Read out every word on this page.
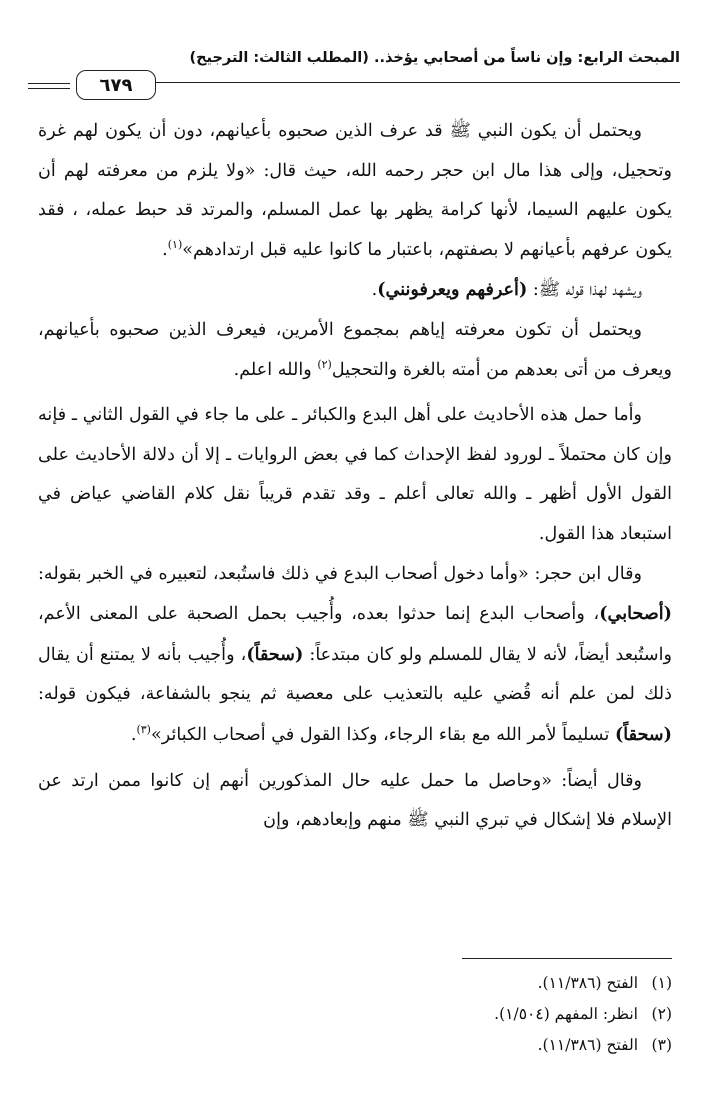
المبحث الرابع: وإن ناساً من أصحابي يؤخذ.. (المطلب الثالث: الترجيح)
٦٧٩

ويحتمل أن يكون النبي ﷺ قد عرف الذين صحبوه بأعيانهم، دون أن يكون لهم غرة وتحجيل، وإلى هذا مال ابن حجر رحمه الله، حيث قال: «ولا يلزم من معرفته لهم أن يكون عليهم السيما، لأنها كرامة يظهر بها عمل المسلم، والمرتد قد حبط عمله، ، فقد يكون عرفهم بأعيانهم لا بصفتهم، باعتبار ما كانوا عليه قبل ارتدادهم»$^{(١)}$.

ويشهد لهذا قوله ﷺ: (أعرفهم ويعرفونني).

ويحتمل أن تكون معرفته إياهم بمجموع الأمرين، فيعرف الذين صحبوه بأعيانهم، ويعرف من أتى بعدهم من أمته بالغرة والتحجيل$^{(٢)}$ والله اعلم.

وأما حمل هذه الأحاديث على أهل البدع والكبائر ـ على ما جاء في القول الثاني ـ فإنه وإن كان محتملاً ـ لورود لفظ الإحداث كما في بعض الروايات ـ إلا أن دلالة الأحاديث على القول الأول أظهر ـ والله تعالى أعلم ـ وقد تقدم قريباً نقل كلام القاضي عياض في استبعاد هذا القول.

وقال ابن حجر: «وأما دخول أصحاب البدع في ذلك فاستُبعد، لتعبيره في الخبر بقوله: (أصحابي)، وأصحاب البدع إنما حدثوا بعده، وأُجيب بحمل الصحبة على المعنى الأعم، واستُبعد أيضاً، لأنه لا يقال للمسلم ولو كان مبتدعاً: (سحقاً)، وأُجيب بأنه لا يمتنع أن يقال ذلك لمن علم أنه قُضي عليه بالتعذيب على معصية ثم ينجو بالشفاعة، فيكون قوله: (سحقاً) تسليماً لأمر الله مع بقاء الرجاء، وكذا القول في أصحاب الكبائر»$^{(٣)}$.

وقال أيضاً: «وحاصل ما حمل عليه حال المذكورين أنهم إن كانوا ممن ارتد عن الإسلام فلا إشكال في تبري النبي ﷺ منهم وإبعادهم، وإن

(١)الفتح (١١/٣٨٦).
(٢)انظر: المفهم (١/٥٠٤).
(٣)الفتح (١١/٣٨٦).
